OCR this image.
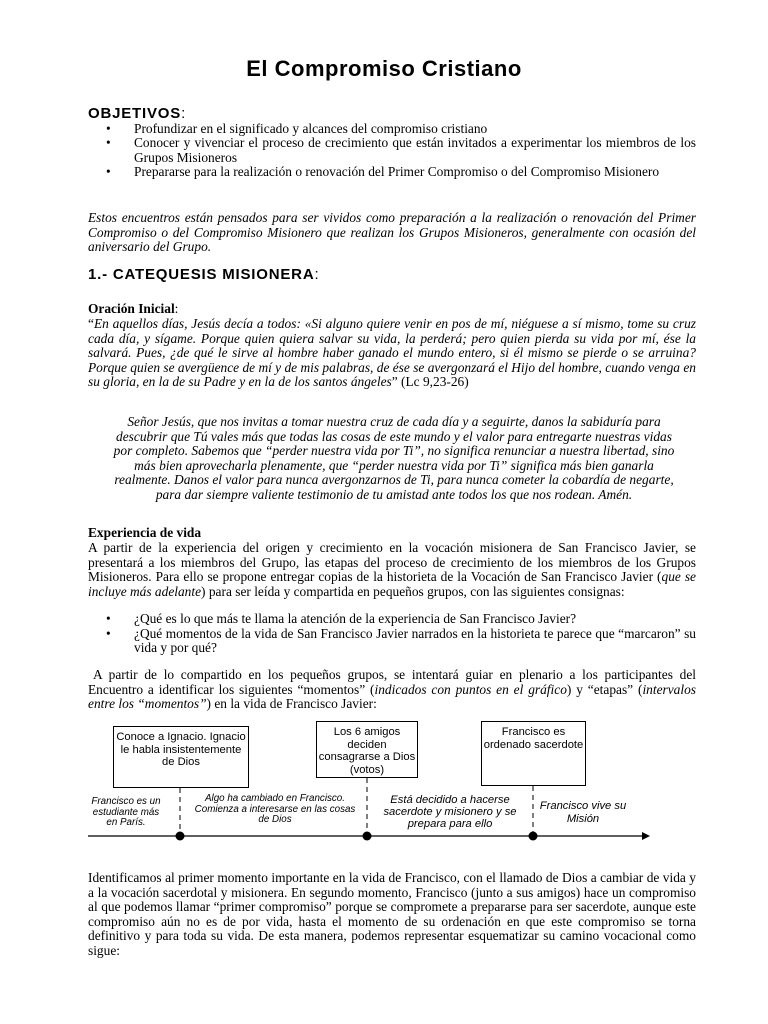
El Compromiso Cristiano
OBJETIVOS:
• Profundizar en el significado y alcances del compromiso cristiano
• Conocer y vivenciar el proceso de crecimiento que están invitados a experimentar los miembros de los Grupos Misioneros
• Prepararse para la realización o renovación del Primer Compromiso o del Compromiso Misionero
Estos encuentros están pensados para ser vividos como preparación a la realización o renovación del Primer Compromiso o del Compromiso Misionero que realizan los Grupos Misioneros, generalmente con ocasión del aniversario del Grupo.
1.- CATEQUESIS MISIONERA:
Oración Inicial:
“En aquellos días, Jesús decía a todos: «Si alguno quiere venir en pos de mí, niéguese a sí mismo, tome su cruz cada día, y sígame. Porque quien quiera salvar su vida, la perderá; pero quien pierda su vida por mí, ése la salvará. Pues, ¿de qué le sirve al hombre haber ganado el mundo entero, si él mismo se pierde o se arruina? Porque quien se avergüence de mí y de mis palabras, de ése se avergonzará el Hijo del hombre, cuando venga en su gloria, en la de su Padre y en la de los santos ángeles” (Lc 9,23-26)
Señor Jesús, que nos invitas a tomar nuestra cruz de cada día y a seguirte, danos la sabiduría para descubrir que Tú vales más que todas las cosas de este mundo y el valor para entregarte nuestras vidas por completo. Sabemos que “perder nuestra vida por Ti”, no significa renunciar a nuestra libertad, sino más bien aprovecharla plenamente, que “perder nuestra vida por Ti” significa más bien ganarla realmente. Danos el valor para nunca avergonzarnos de Ti, para nunca cometer la cobardía de negarte, para dar siempre valiente testimonio de tu amistad ante todos los que nos rodean. Amén.
Experiencia de vida
A partir de la experiencia del origen y crecimiento en la vocación misionera de San Francisco Javier, se presentará a los miembros del Grupo, las etapas del proceso de crecimiento de los miembros de los Grupos Misioneros. Para ello se propone entregar copias de la historieta de la Vocación de San Francisco Javier (que se incluye más adelante) para ser leída y compartida en pequeños grupos, con las siguientes consignas:
• ¿Qué es lo que más te llama la atención de la experiencia de San Francisco Javier?
• ¿Qué momentos de la vida de San Francisco Javier narrados en la historieta te parece que “marcaron” su vida y por qué?
A partir de lo compartido en los pequeños grupos, se intentará guiar en plenario a los participantes del Encuentro a identificar los siguientes “momentos” (indicados con puntos en el gráfico) y “etapas” (intervalos entre los “momentos”) en la vida de Francisco Javier:
Conoce a Ignacio. Ignacio le habla insistentemente de Dios
Los 6 amigos deciden consagrarse a Dios (votos)
Francisco es ordenado sacerdote
Francisco es un estudiante más en París.
Algo ha cambiado en Francisco. Comienza a interesarse en las cosas de Dios
Está decidido a hacerse sacerdote y misionero y se prepara para ello
Francisco vive su Misión
Identificamos al primer momento importante en la vida de Francisco, con el llamado de Dios a cambiar de vida y a la vocación sacerdotal y misionera. En segundo momento, Francisco (junto a sus amigos) hace un compromiso al que podemos llamar “primer compromiso” porque se compromete a prepararse para ser sacerdote, aunque este compromiso aún no es de por vida, hasta el momento de su ordenación en que este compromiso se torna definitivo y para toda su vida. De esta manera, podemos representar esquematizar su camino vocacional como sigue:
